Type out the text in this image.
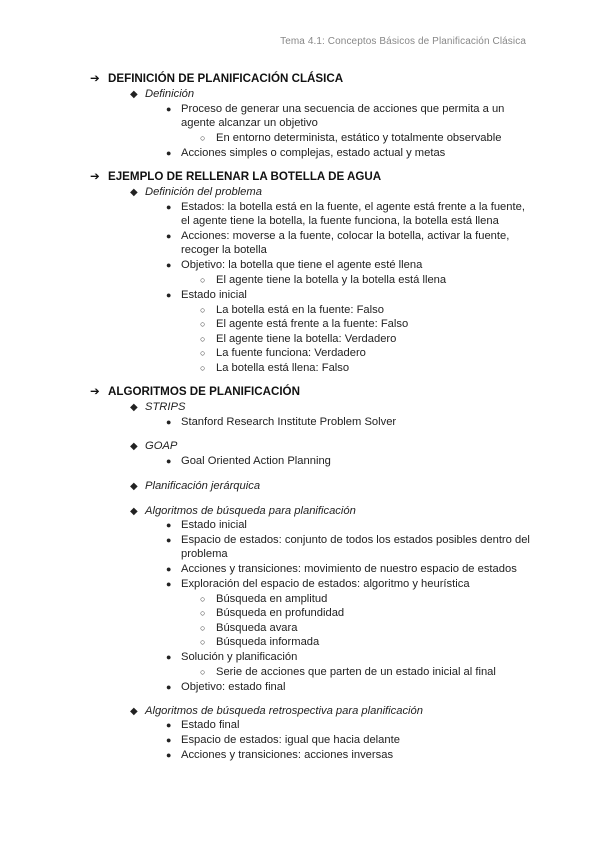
Tema 4.1: Conceptos Básicos de Planificación Clásica
➔ DEFINICIÓN DE PLANIFICACIÓN CLÁSICA
◆ Definición
● Proceso de generar una secuencia de acciones que permita a un
agente alcanzar un objetivo
○ En entorno determinista, estático y totalmente observable
● Acciones simples o complejas, estado actual y metas
➔ EJEMPLO DE RELLENAR LA BOTELLA DE AGUA
◆ Definición del problema
● Estados: la botella está en la fuente, el agente está frente a la fuente,
el agente tiene la botella, la fuente funciona, la botella está llena
● Acciones: moverse a la fuente, colocar la botella, activar la fuente,
recoger la botella
● Objetivo: la botella que tiene el agente esté llena
○ El agente tiene la botella y la botella está llena
● Estado inicial
○ La botella está en la fuente: Falso
○ El agente está frente a la fuente: Falso
○ El agente tiene la botella: Verdadero
○ La fuente funciona: Verdadero
○ La botella está llena: Falso
➔ ALGORITMOS DE PLANIFICACIÓN
◆ STRIPS
● Stanford Research Institute Problem Solver
◆ GOAP
● Goal Oriented Action Planning
◆ Planificación jerárquica
◆ Algoritmos de búsqueda para planificación
● Estado inicial
● Espacio de estados: conjunto de todos los estados posibles dentro del
problema
● Acciones y transiciones: movimiento de nuestro espacio de estados
● Exploración del espacio de estados: algoritmo y heurística
○ Búsqueda en amplitud
○ Búsqueda en profundidad
○ Búsqueda avara
○ Búsqueda informada
● Solución y planificación
○ Serie de acciones que parten de un estado inicial al final
● Objetivo: estado final
◆ Algoritmos de búsqueda retrospectiva para planificación
● Estado final
● Espacio de estados: igual que hacia delante
● Acciones y transiciones: acciones inversas
